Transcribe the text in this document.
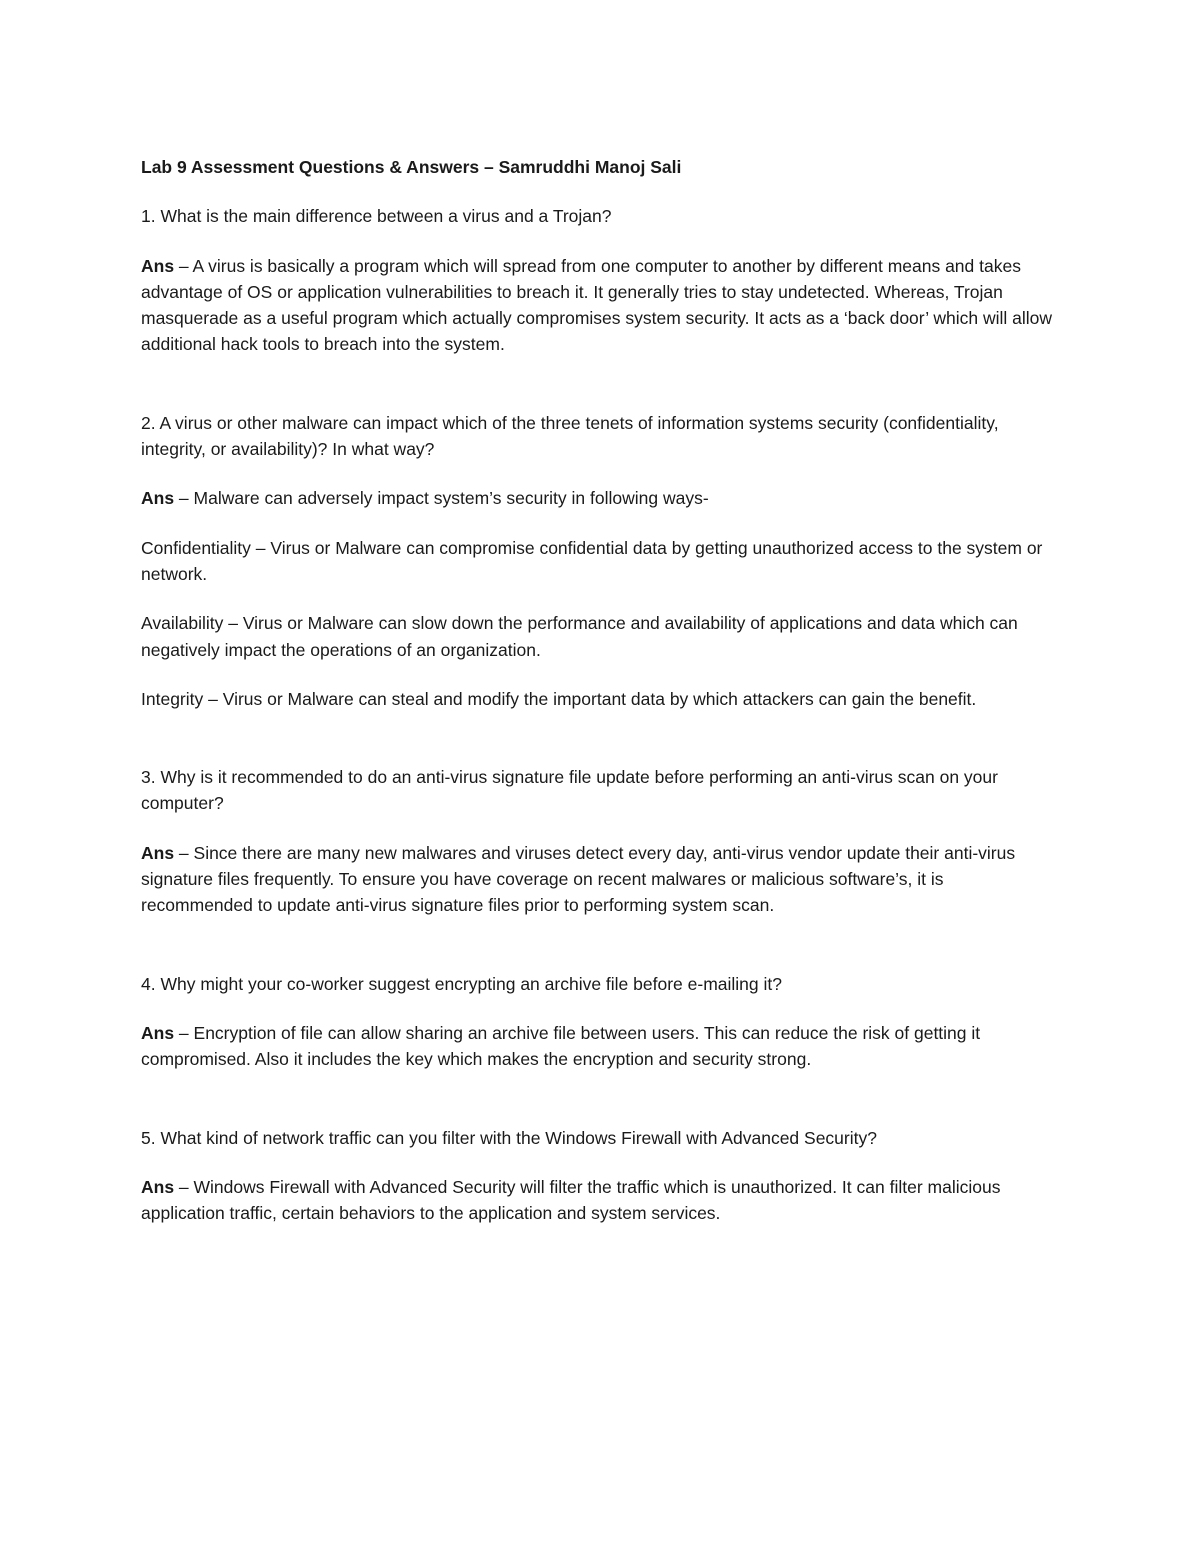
Lab 9 Assessment Questions & Answers – Samruddhi Manoj Sali

1. What is the main difference between a virus and a Trojan?

Ans – A virus is basically a program which will spread from one computer to another by different means and takes advantage of OS or application vulnerabilities to breach it. It generally tries to stay undetected. Whereas, Trojan masquerade as a useful program which actually compromises system security. It acts as a ‘back door’ which will allow additional hack tools to breach into the system.

2. A virus or other malware can impact which of the three tenets of information systems security (confidentiality, integrity, or availability)? In what way?

Ans – Malware can adversely impact system’s security in following ways-

Confidentiality – Virus or Malware can compromise confidential data by getting unauthorized access to the system or network.

Availability – Virus or Malware can slow down the performance and availability of applications and data which can negatively impact the operations of an organization.

Integrity – Virus or Malware can steal and modify the important data by which attackers can gain the benefit.

3. Why is it recommended to do an anti-virus signature file update before performing an anti-virus scan on your computer?

Ans – Since there are many new malwares and viruses detect every day, anti-virus vendor update their anti-virus signature files frequently. To ensure you have coverage on recent malwares or malicious software’s, it is recommended to update anti-virus signature files prior to performing system scan.

4. Why might your co-worker suggest encrypting an archive file before e-mailing it?

Ans – Encryption of file can allow sharing an archive file between users. This can reduce the risk of getting it compromised. Also it includes the key which makes the encryption and security strong.

5. What kind of network traffic can you filter with the Windows Firewall with Advanced Security?

Ans – Windows Firewall with Advanced Security will filter the traffic which is unauthorized. It can filter malicious application traffic, certain behaviors to the application and system services.
